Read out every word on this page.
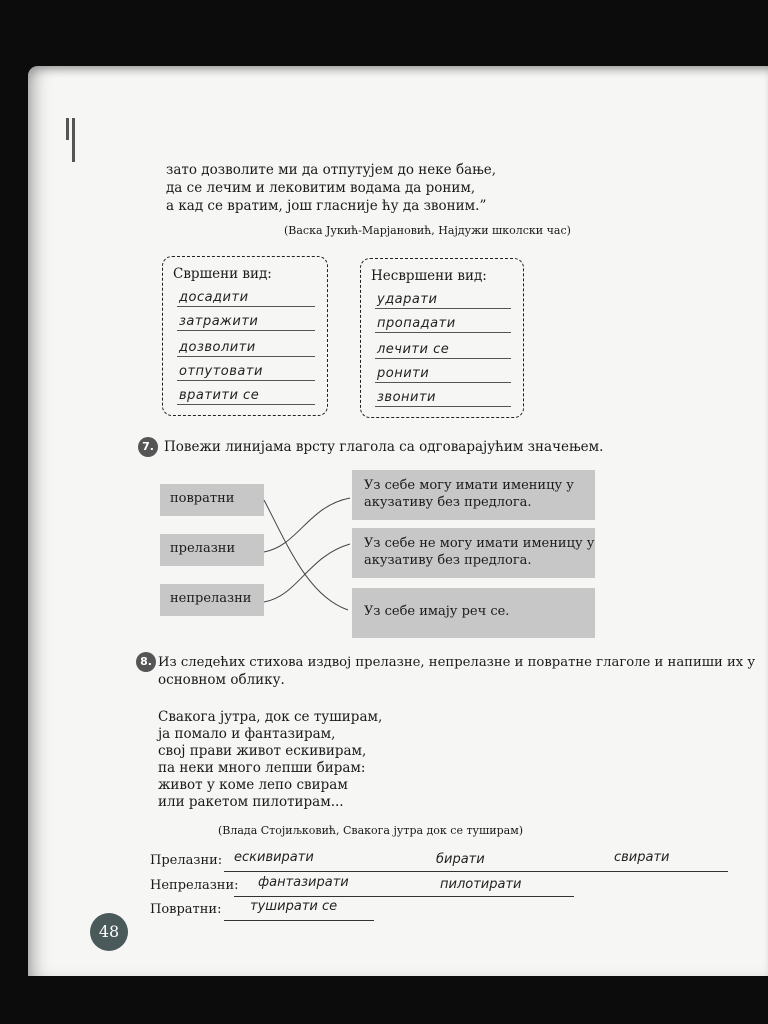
зато дозволите ми да отпутујем до неке бање,
да се лечим и лековитим водама да роним,
а кад се вратим, још гласније ћу да звоним.”
(Васка Јукић-Марјановић, Најдужи школски час)
Свршени вид:
досадити
затражити
дозволити
отпутовати
вратити се
Несвршени вид:
ударати
пропадати
лечити се
ронити
звонити
7. Повежи линијама врсту глагола са одговарајућим значењем.
повратни
прелазни
непрелазни
Уз себе могу имати именицу у
акузативу без предлога.
Уз себе не могу имати именицу у
акузативу без предлога.
Уз себе имају реч се.
8. Из следећих стихова издвој прелазне, непрелазне и повратне глаголе и напиши их у
основном облику.
Свакога јутра, док се туширам,
ја помало и фантазирам,
свој прави живот ескивирам,
па неки много лепши бирам:
живот у коме лепо свирам
или ракетом пилотирам...
(Влада Стојиљковић, Свакога јутра док се туширам)
Прелазни: ескивирати	бирати	свирати
Непрелазни: фантазирати	пилотирати
Повратни: туширати се
48
